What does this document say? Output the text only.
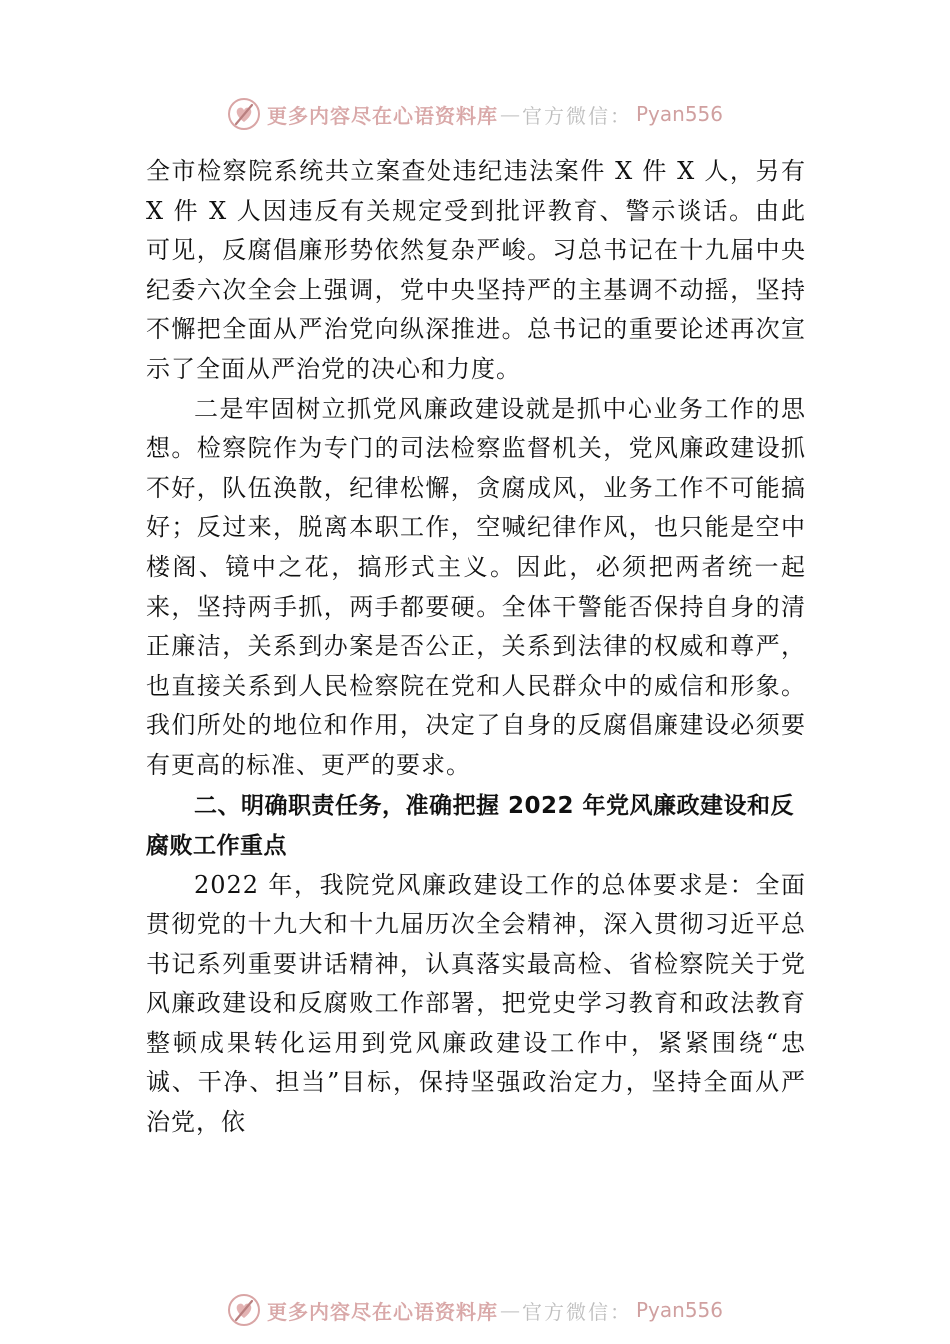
更多内容尽在心语资料库 — 官方微信： Pyan556

全市检察院系统共立案查处违纪违法案件 X 件 X 人，另有 X 件 X 人因违反有关规定受到批评教育、警示谈话。由此可见，反腐倡廉形势依然复杂严峻。习总书记在十九届中央纪委六次全会上强调，党中央坚持严的主基调不动摇，坚持不懈把全面从严治党向纵深推进。总书记的重要论述再次宣示了全面从严治党的决心和力度。

二是牢固树立抓党风廉政建设就是抓中心业务工作的思想。检察院作为专门的司法检察监督机关，党风廉政建设抓不好，队伍涣散，纪律松懈，贪腐成风，业务工作不可能搞好；反过来，脱离本职工作，空喊纪律作风，也只能是空中楼阁、镜中之花，搞形式主义。因此，必须把两者统一起来，坚持两手抓，两手都要硬。全体干警能否保持自身的清正廉洁，关系到办案是否公正，关系到法律的权威和尊严， 也直接关系到人民检察院在党和人民群众中的威信和形象。我们所处的地位和作用，决定了自身的反腐倡廉建设必须要有更高的标准、更严的要求。

二、明确职责任务，准确把握 2022 年党风廉政建设和反腐败工作重点

2022 年，我院党风廉政建设工作的总体要求是：全面贯彻党的十九大和十九届历次全会精神，深入贯彻习近平总书记系列重要讲话精神，认真落实最高检、省检察院关于党风廉政建设和反腐败工作部署，把党史学习教育和政法教育整顿成果转化运用到党风廉政建设工作中，紧紧围绕“忠诚、干净、担当”目标，保持坚强政治定力，坚持全面从严治党，依

更多内容尽在心语资料库 — 官方微信： Pyan556
